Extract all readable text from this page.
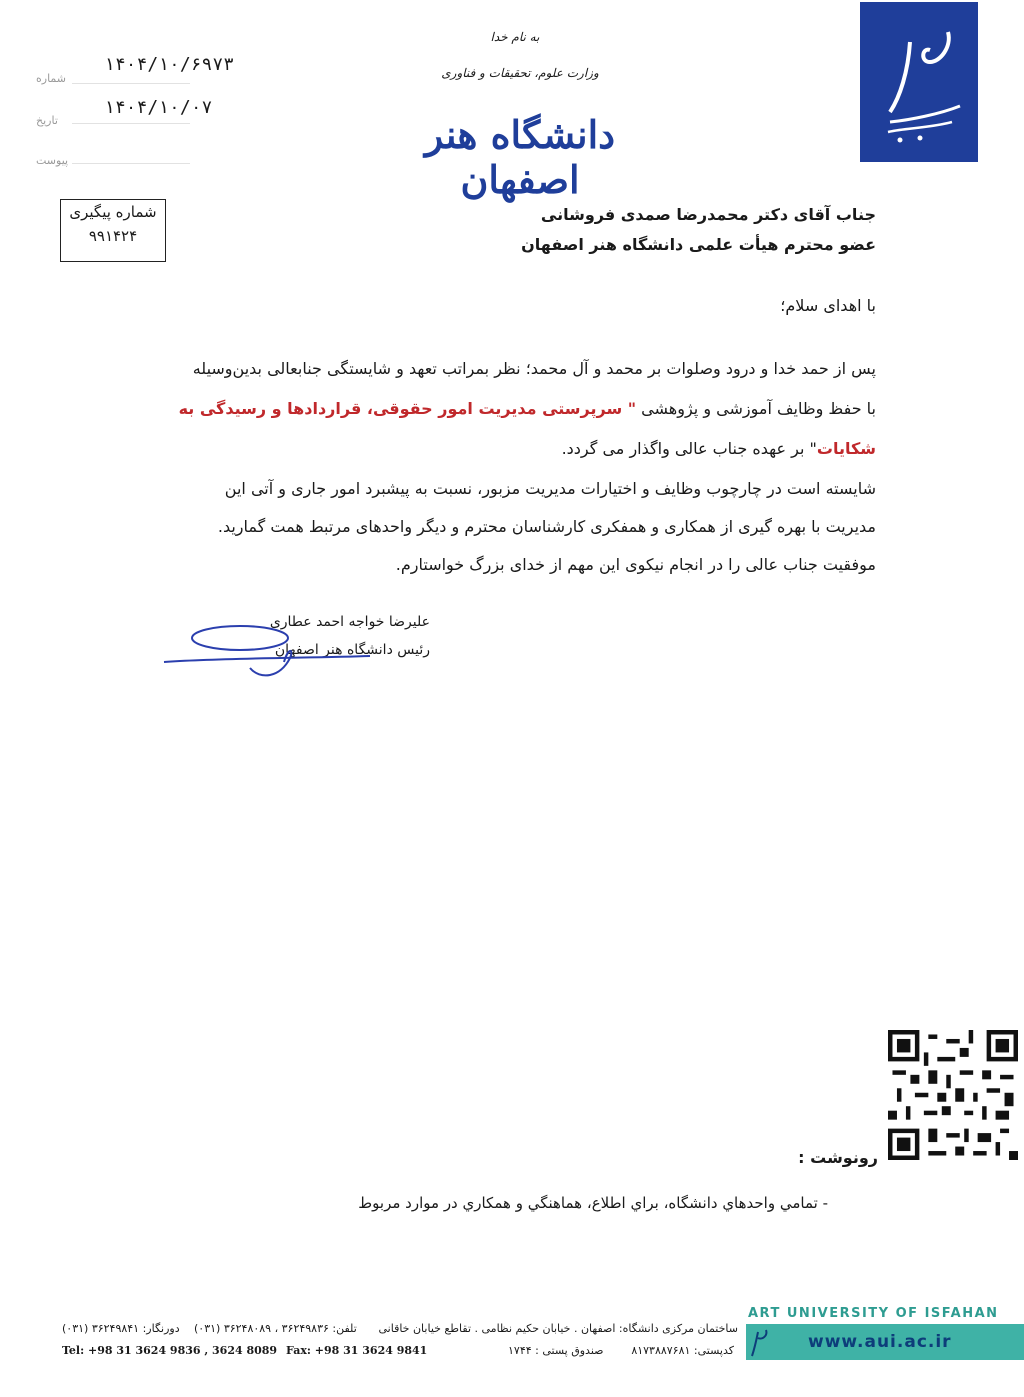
به نام خدا
وزارت علوم، تحقیقات و فناوری
دانشگاه هنر اصفهان
شماره
۱۴۰۴/۱۰/۶۹۷۳
تاریخ
۱۴۰۴/۱۰/۰۷
پیوست
شماره پیگیری
۹۹۱۴۲۴
جناب آقای دکتر محمدرضا صمدی فروشانی
عضو محترم هیأت علمی دانشگاه هنر اصفهان
با اهدای سلام؛
پس از حمد خدا و درود وصلوات بر محمد و آل محمد؛ نظر بمراتب تعهد و شایستگی جنابعالی بدین‌وسیله
با حفظ وظایف آموزشی و پژوهشی " سرپرستی مدیریت امور حقوقی، قراردادها و رسیدگی به
شکایات" بر عهده جناب عالی واگذار می گردد.
شایسته است در چارچوب وظایف و اختیارات مدیریت مزبور، نسبت به پیشبرد امور جاری و آتی این
مدیریت با بهره گیری از همکاری و همفکری کارشناسان محترم و دیگر واحدهای مرتبط همت گمارید.
موفقیت جناب عالی را در انجام نیکوی این مهم از خدای بزرگ خواستارم.
علیرضا خواجه احمد عطاری
رئیس دانشگاه هنر اصفهان
رونوشت :
- تمامي واحدهاي دانشگاه، براي اطلاع، هماهنگي و همكاري در موارد مربوط
ART UNIVERSITY OF ISFAHAN
www.aui.ac.ir
ساختمان مرکزی دانشگاه: اصفهان . خیابان حکیم نظامی . تقاطع خیابان خاقانی
تلفن: ۳۶۲۴۹۸۳۶ ، ۳۶۲۴۸۰۸۹ (۰۳۱)
دورنگار: ۳۶۲۴۹۸۴۱ (۰۳۱)
کدپستی: ۸۱۷۳۸۸۷۶۸۱
صندوق پستی : ۱۷۴۴
Tel: +98 31 3624 9836 , 3624 8089 Fax: +98 31 3624 9841
